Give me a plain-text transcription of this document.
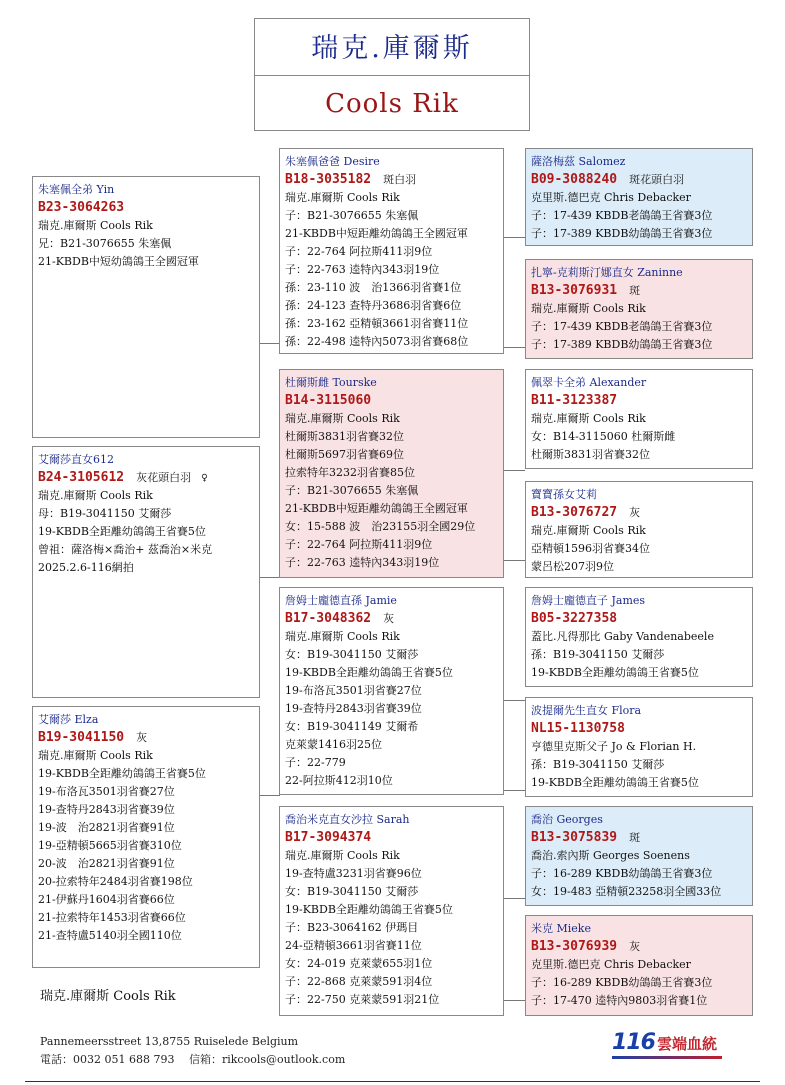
瑞克.庫爾斯
Cools Rik
朱塞佩全弟 Yin
B23-3064263
瑞克.庫爾斯 Cools Rik
兄：B21-3076655 朱塞佩
21-KBDB中短幼鴿鴿王全國冠軍
艾爾莎直女612
B24-3105612 灰花頭白羽 ♀
瑞克.庫爾斯 Cools Rik
母：B19-3041150 艾爾莎
19-KBDB全距離幼鴿鴿王省賽5位
曾祖：薩洛梅×喬治+ 茲喬治×米克
2025.2.6-116網拍
艾爾莎 Elza
B19-3041150 灰
瑞克.庫爾斯 Cools Rik
19-KBDB全距離幼鴿鴿王省賽5位
19-布洛瓦3501羽省賽27位
19-查特丹2843羽省賽39位
19-波　治2821羽省賽91位
19-亞精頓5665羽省賽310位
20-波　治2821羽省賽91位
20-拉索特年2484羽省賽198位
21-伊蘇丹1604羽省賽66位
21-拉索特年1453羽省賽66位
21-查特盧5140羽全國110位
朱塞佩爸爸 Desire
B18-3035182 斑白羽
瑞克.庫爾斯 Cools Rik
子：B21-3076655 朱塞佩
21-KBDB中短距離幼鴿鴿王全國冠軍
子：22-764 阿拉斯411羽9位
子：22-763 逵特內343羽19位
孫：23-110 波　治1366羽省賽1位
孫：24-123 查特丹3686羽省賽6位
孫：23-162 亞精頓3661羽省賽11位
孫：22-498 逵特內5073羽省賽68位
杜爾斯雌 Tourske
B14-3115060
瑞克.庫爾斯 Cools Rik
杜爾斯3831羽省賽32位
杜爾斯5697羽省賽69位
拉索特年3232羽省賽85位
子：B21-3076655 朱塞佩
21-KBDB中短距離幼鴿鴿王全國冠軍
女：15-588 波　治23155羽全國29位
子：22-764 阿拉斯411羽9位
子：22-763 逵特內343羽19位
詹姆士龐德直孫 Jamie
B17-3048362 灰
瑞克.庫爾斯 Cools Rik
女：B19-3041150 艾爾莎
19-KBDB全距離幼鴿鴿王省賽5位
19-布洛瓦3501羽省賽27位
19-查特丹2843羽省賽39位
女：B19-3041149 艾爾希
克萊蒙1416羽25位
子：22-779
22-阿拉斯412羽10位
喬治米克直女沙拉 Sarah
B17-3094374
瑞克.庫爾斯 Cools Rik
19-查特盧3231羽省賽96位
女：B19-3041150 艾爾莎
19-KBDB全距離幼鴿鴿王省賽5位
子：B23-3064162 伊瑪目
24-亞精頓3661羽省賽11位
女：24-019 克萊蒙655羽1位
子：22-868 克萊蒙591羽4位
子：22-750 克萊蒙591羽21位
薩洛梅茲 Salomez
B09-3088240 斑花頭白羽
克里斯.德巴克 Chris Debacker
子：17-439 KBDB老鴿鴿王省賽3位
子：17-389 KBDB幼鴿鴿王省賽3位
扎寧-克莉斯汀娜直女 Zaninne
B13-3076931 斑
瑞克.庫爾斯 Cools Rik
子：17-439 KBDB老鴿鴿王省賽3位
子：17-389 KBDB幼鴿鴿王省賽3位
佩翠卡全弟 Alexander
B11-3123387
瑞克.庫爾斯 Cools Rik
女：B14-3115060 杜爾斯雌
杜爾斯3831羽省賽32位
寶寶孫女艾莉
B13-3076727 灰
瑞克.庫爾斯 Cools Rik
亞精頓1596羽省賽34位
蒙呂松207羽9位
詹姆士龐德直子 James
B05-3227358
蓋比.凡得那比 Gaby Vandenabeele
孫：B19-3041150 艾爾莎
19-KBDB全距離幼鴿鴿王省賽5位
波提爾先生直女 Flora
NL15-1130758
亨德里克斯父子 Jo & Florian H.
孫：B19-3041150 艾爾莎
19-KBDB全距離幼鴿鴿王省賽5位
喬治 Georges
B13-3075839 斑
喬治.索內斯 Georges Soenens
子：16-289 KBDB幼鴿鴿王省賽3位
女：19-483 亞精頓23258羽全國33位
米克 Mieke
B13-3076939 灰
克里斯.德巴克 Chris Debacker
子：16-289 KBDB幼鴿鴿王省賽3位
子：17-470 逵特內9803羽省賽1位
瑞克.庫爾斯 Cools Rik
Pannemeersstreet 13,8755 Ruiselede Belgium
電話：0032 051 688 793　 信箱：rikcools@outlook.com
116 雲端血統
